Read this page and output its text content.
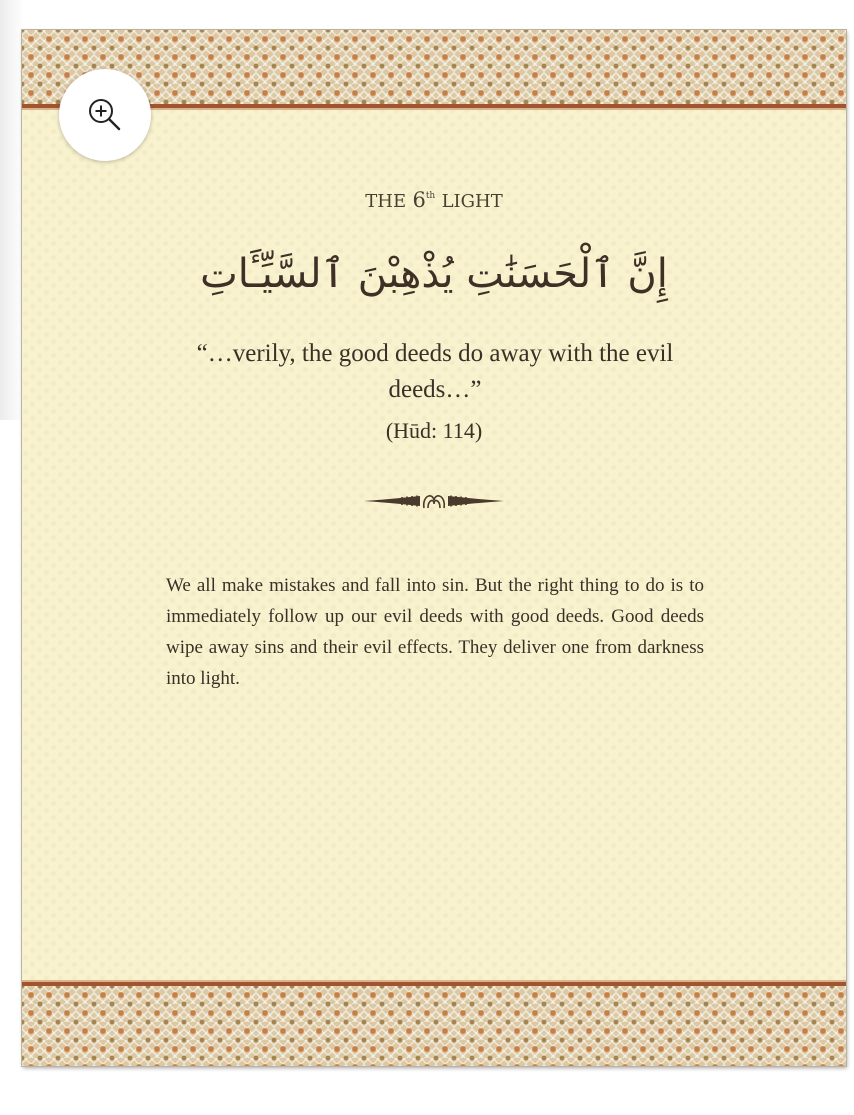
THE 6th LIGHT
إِنَّ ٱلْحَسَنَٰتِ يُذْهِبْنَ ٱلسَّيِّـَٔاتِ
“…verily, the good deeds do away with the evil deeds…”
(Hūd: 114)
We all make mistakes and fall into sin. But the right thing to do is to immediately follow up our evil deeds with good deeds. Good deeds wipe away sins and their evil effects. They deliver one from darkness into light.
